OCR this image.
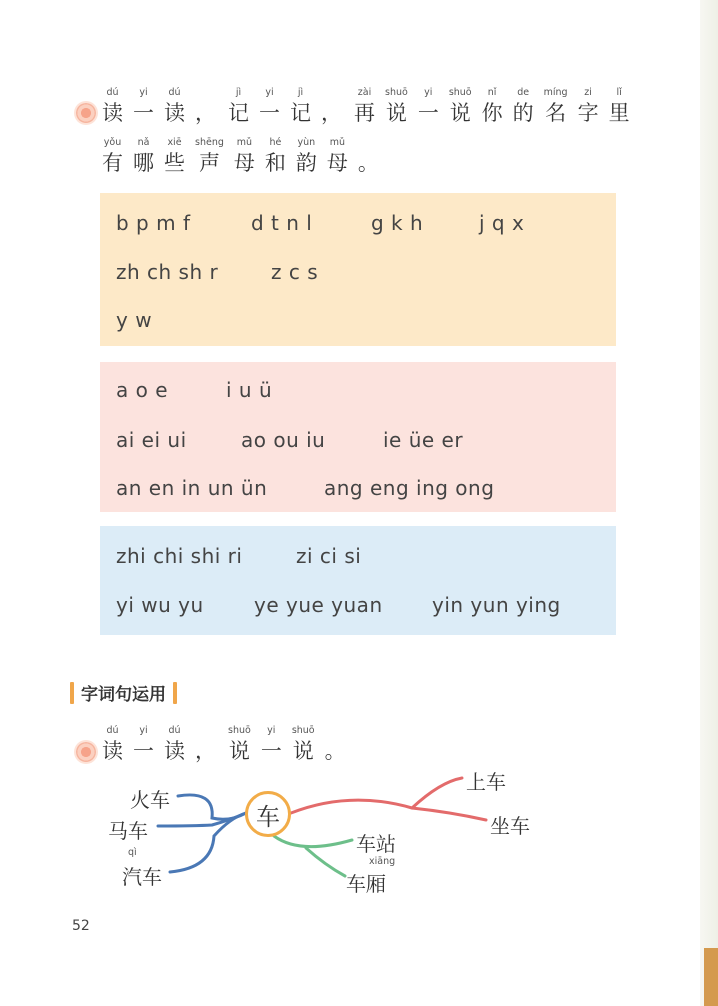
dú
读
yi
一
dú
读 ，
jì
记
yi
一
jì
记 ，
zài
再
shuō
说
yi
一
shuō
说
nǐ
你
de
的
míng
名
zi
字
lǐ
里
yǒu
有
nǎ
哪
xiē
些
shēng
声
mǔ
母
hé
和
yùn
韵
mǔ
母 。
b p m f	d t n l	g k h	j q x
zh ch sh r	z c s
y w
a o e	i u ü
ai ei ui	ao ou iu	ie üe er
an en in un ün	ang eng ing ong
zhi chi shi ri	zi ci si
yi wu yu	ye yue yuan	yin yun ying
字词句运用
dú
读
yi
一
dú
读 ，
shuō
说
yi
一
shuō
说 。
火车
马车
qì
汽车
车
上车
坐车
车站
xiāng
车厢
52
